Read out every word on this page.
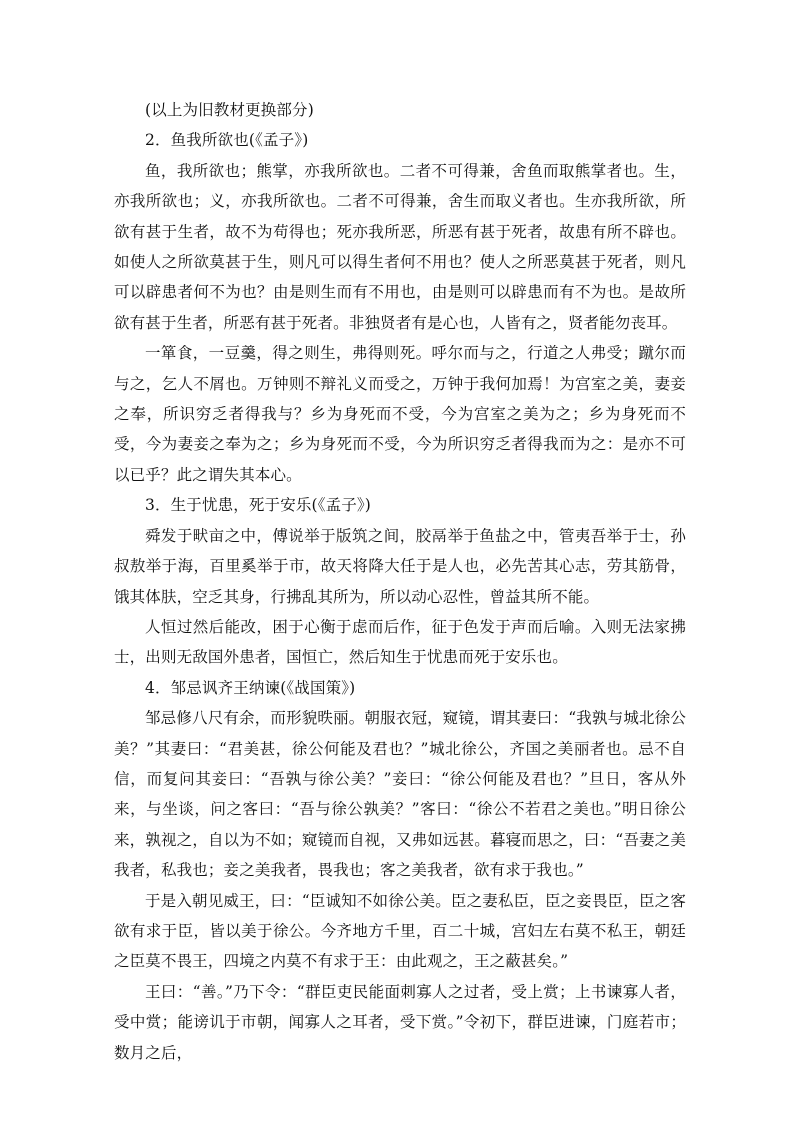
(以上为旧教材更换部分)

2．鱼我所欲也(《孟子》)

鱼，我所欲也；熊掌，亦我所欲也。二者不可得兼，舍鱼而取熊掌者也。生，亦我所欲也；义，亦我所欲也。二者不可得兼，舍生而取义者也。生亦我所欲，所欲有甚于生者，故不为苟得也；死亦我所恶，所恶有甚于死者，故患有所不辟也。如使人之所欲莫甚于生，则凡可以得生者何不用也？使人之所恶莫甚于死者，则凡可以辟患者何不为也？由是则生而有不用也，由是则可以辟患而有不为也。是故所欲有甚于生者，所恶有甚于死者。非独贤者有是心也，人皆有之，贤者能勿丧耳。

一箪食，一豆羹，得之则生，弗得则死。呼尔而与之，行道之人弗受；蹴尔而与之，乞人不屑也。万钟则不辩礼义而受之，万钟于我何加焉！为宫室之美，妻妾之奉，所识穷乏者得我与？乡为身死而不受，今为宫室之美为之；乡为身死而不受，今为妻妾之奉为之；乡为身死而不受，今为所识穷乏者得我而为之：是亦不可以已乎？此之谓失其本心。

3．生于忧患，死于安乐(《孟子》)

舜发于畎亩之中，傅说举于版筑之间，胶鬲举于鱼盐之中，管夷吾举于士，孙叔敖举于海，百里奚举于市，故天将降大任于是人也，必先苦其心志，劳其筋骨，饿其体肤，空乏其身，行拂乱其所为，所以动心忍性，曾益其所不能。

人恒过然后能改，困于心衡于虑而后作，征于色发于声而后喻。入则无法家拂士，出则无敌国外患者，国恒亡，然后知生于忧患而死于安乐也。

4．邹忌讽齐王纳谏(《战国策》)

邹忌修八尺有余，而形貌昳丽。朝服衣冠，窥镜，谓其妻曰：“我孰与城北徐公美？”其妻曰：“君美甚，徐公何能及君也？”城北徐公，齐国之美丽者也。忌不自信，而复问其妾曰：“吾孰与徐公美？”妾曰：“徐公何能及君也？”旦日，客从外来，与坐谈，问之客曰：“吾与徐公孰美？”客曰：“徐公不若君之美也。”明日徐公来，孰视之，自以为不如；窥镜而自视，又弗如远甚。暮寝而思之，曰：“吾妻之美我者，私我也；妾之美我者，畏我也；客之美我者，欲有求于我也。”

于是入朝见威王，曰：“臣诚知不如徐公美。臣之妻私臣，臣之妾畏臣，臣之客欲有求于臣，皆以美于徐公。今齐地方千里，百二十城，宫妇左右莫不私王，朝廷之臣莫不畏王，四境之内莫不有求于王：由此观之，王之蔽甚矣。”

王曰：“善。”乃下令：“群臣吏民能面刺寡人之过者，受上赏；上书谏寡人者，受中赏；能谤讥于市朝，闻寡人之耳者，受下赏。”令初下，群臣进谏，门庭若市；数月之后，
